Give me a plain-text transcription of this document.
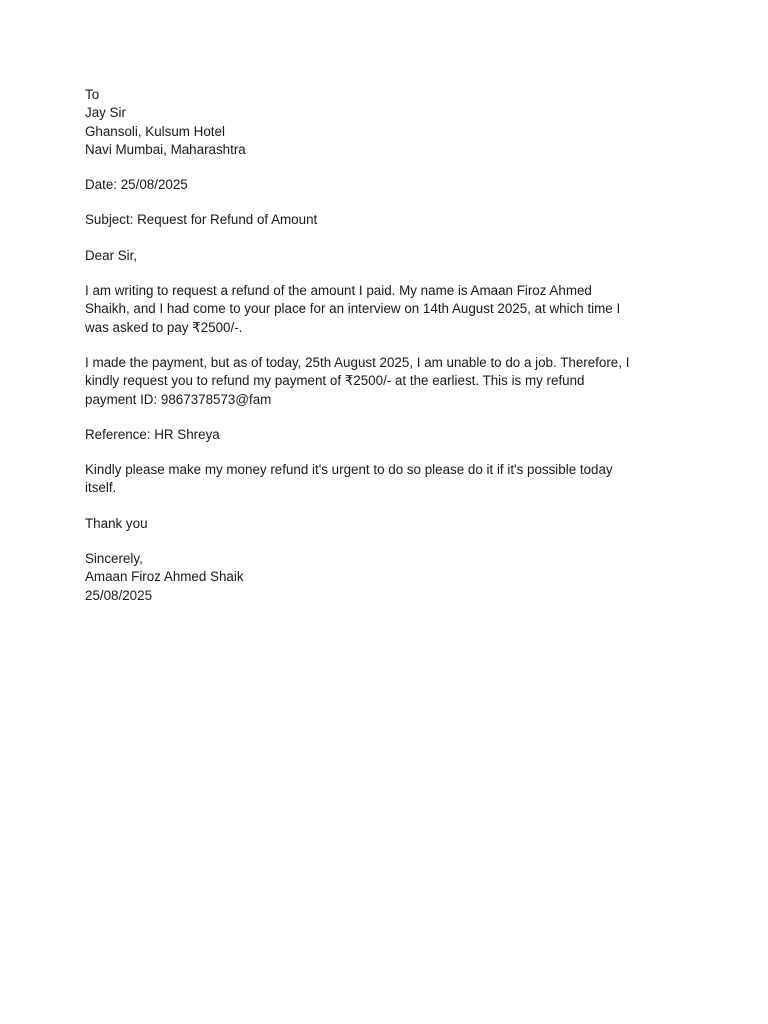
To
Jay Sir
Ghansoli, Kulsum Hotel
Navi Mumbai, Maharashtra
Date: 25/08/2025
Subject: Request for Refund of Amount
Dear Sir,
I am writing to request a refund of the amount I paid. My name is Amaan Firoz Ahmed
Shaikh, and I had come to your place for an interview on 14th August 2025, at which time I
was asked to pay ₹2500/-.
I made the payment, but as of today, 25th August 2025, I am unable to do a job. Therefore, I
kindly request you to refund my payment of ₹2500/- at the earliest. This is my refund
payment ID: 9867378573@fam
Reference: HR Shreya
Kindly please make my money refund it's urgent to do so please do it if it's possible today
itself.
Thank you
Sincerely,
Amaan Firoz Ahmed Shaik
25/08/2025
